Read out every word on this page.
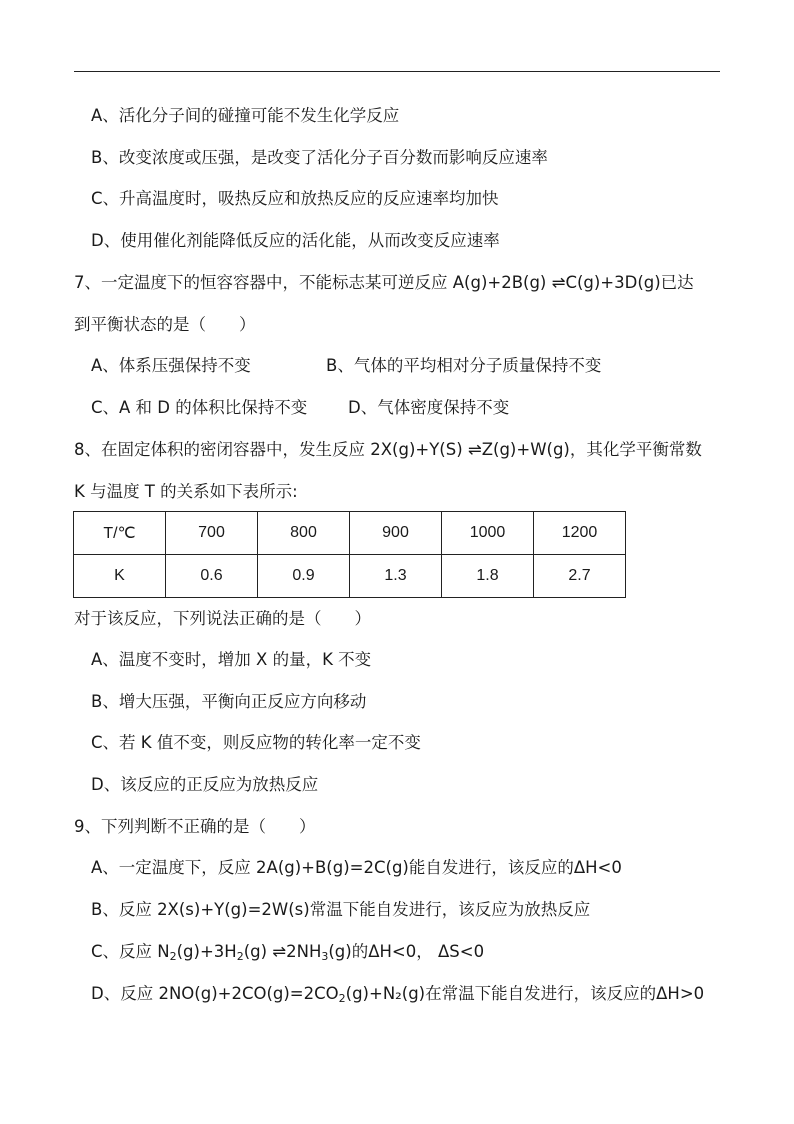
A、活化分子间的碰撞可能不发生化学反应
B、改变浓度或压强，是改变了活化分子百分数而影响反应速率
C、升高温度时，吸热反应和放热反应的反应速率均加快
D、使用催化剂能降低反应的活化能，从而改变反应速率
7、一定温度下的恒容容器中，不能标志某可逆反应 A(g)+2B(g) ⇌C(g)+3D(g)已达
到平衡状态的是（　　）
A、体系压强保持不变	B、气体的平均相对分子质量保持不变
C、A 和 D 的体积比保持不变 D、气体密度保持不变
8、在固定体积的密闭容器中，发生反应 2X(g)+Y(S) ⇌Z(g)+W(g)，其化学平衡常数
K 与温度 T 的关系如下表所示:
T/℃	700	800	900	1000	1200
K	0.6	0.9	1.3	1.8	2.7
对于该反应，下列说法正确的是（　　）
A、温度不变时，增加 X 的量，K 不变
B、增大压强，平衡向正反应方向移动
C、若 K 值不变，则反应物的转化率一定不变
D、该反应的正反应为放热反应
9、下列判断不正确的是（　　）
A、一定温度下，反应 2A(g)+B(g)=2C(g)能自发进行，该反应的ΔH<0
B、反应 2X(s)+Y(g)=2W(s)常温下能自发进行，该反应为放热反应
C、反应 $N_2(g)+3H_2(g)$ $\rightleftharpoons 2NH_3(g)$的ΔH<0， ΔS<0
D、反应 $2NO(g)+2CO(g)=2CO_2(g)+N_2(g)$在常温下能自发进行，该反应的ΔH>0
